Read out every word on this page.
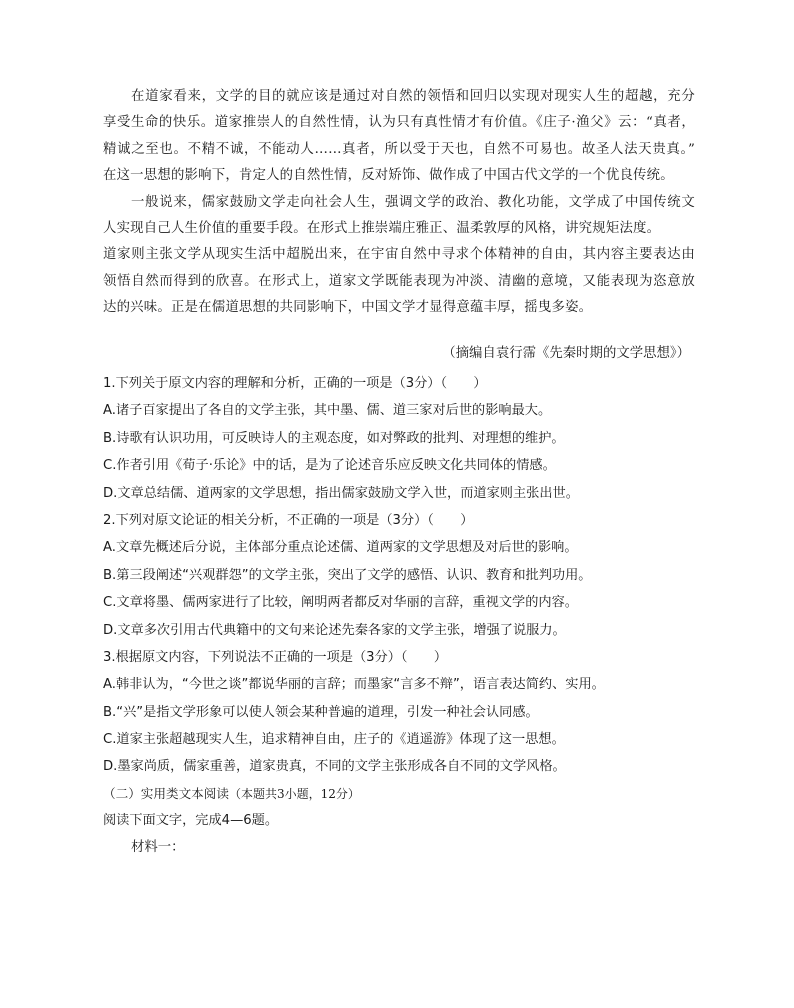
在道家看来，文学的目的就应该是通过对自然的领悟和回归以实现对现实人生的超越，充分
享受生命的快乐。道家推崇人的自然性情，认为只有真性情才有价值。《庄子·渔父》云：“真者，
精诚之至也。不精不诚，不能动人……真者，所以受于天也，自然不可易也。故圣人法天贵真。”
在这一思想的影响下，肯定人的自然性情，反对矫饰、做作成了中国古代文学的一个优良传统。
一般说来，儒家鼓励文学走向社会人生，强调文学的政治、教化功能，文学成了中国传统文
人实现自己人生价值的重要手段。在形式上推崇端庄雅正、温柔敦厚的风格，讲究规矩法度。
道家则主张文学从现实生活中超脱出来，在宇宙自然中寻求个体精神的自由，其内容主要表达由
领悟自然而得到的欣喜。在形式上，道家文学既能表现为冲淡、清幽的意境，又能表现为恣意放
达的兴味。正是在儒道思想的共同影响下，中国文学才显得意蕴丰厚，摇曳多姿。
（摘编自袁行霈《先秦时期的文学思想》）
1.下列关于原文内容的理解和分析，正确的一项是（3分）（　　）
A.诸子百家提出了各自的文学主张，其中墨、儒、道三家对后世的影响最大。
B.诗歌有认识功用，可反映诗人的主观态度，如对弊政的批判、对理想的维护。
C.作者引用《荀子·乐论》中的话，是为了论述音乐应反映文化共同体的情感。
D.文章总结儒、道两家的文学思想，指出儒家鼓励文学入世，而道家则主张出世。
2.下列对原文论证的相关分析，不正确的一项是（3分）（　　）
A.文章先概述后分说，主体部分重点论述儒、道两家的文学思想及对后世的影响。
B.第三段阐述“兴观群怨”的文学主张，突出了文学的感悟、认识、教育和批判功用。
C.文章将墨、儒两家进行了比较，阐明两者都反对华丽的言辞，重视文学的内容。
D.文章多次引用古代典籍中的文句来论述先秦各家的文学主张，增强了说服力。
3.根据原文内容，下列说法不正确的一项是（3分）（　　）
A.韩非认为，“今世之谈”都说华丽的言辞；而墨家“言多不辩”，语言表达简约、实用。
B.“兴”是指文学形象可以使人领会某种普遍的道理，引发一种社会认同感。
C.道家主张超越现实人生，追求精神自由，庄子的《逍遥游》体现了这一思想。
D.墨家尚质，儒家重善，道家贵真，不同的文学主张形成各自不同的文学风格。
（二）实用类文本阅读（本题共3小题，12分）
阅读下面文字，完成4—6题。
材料一：
